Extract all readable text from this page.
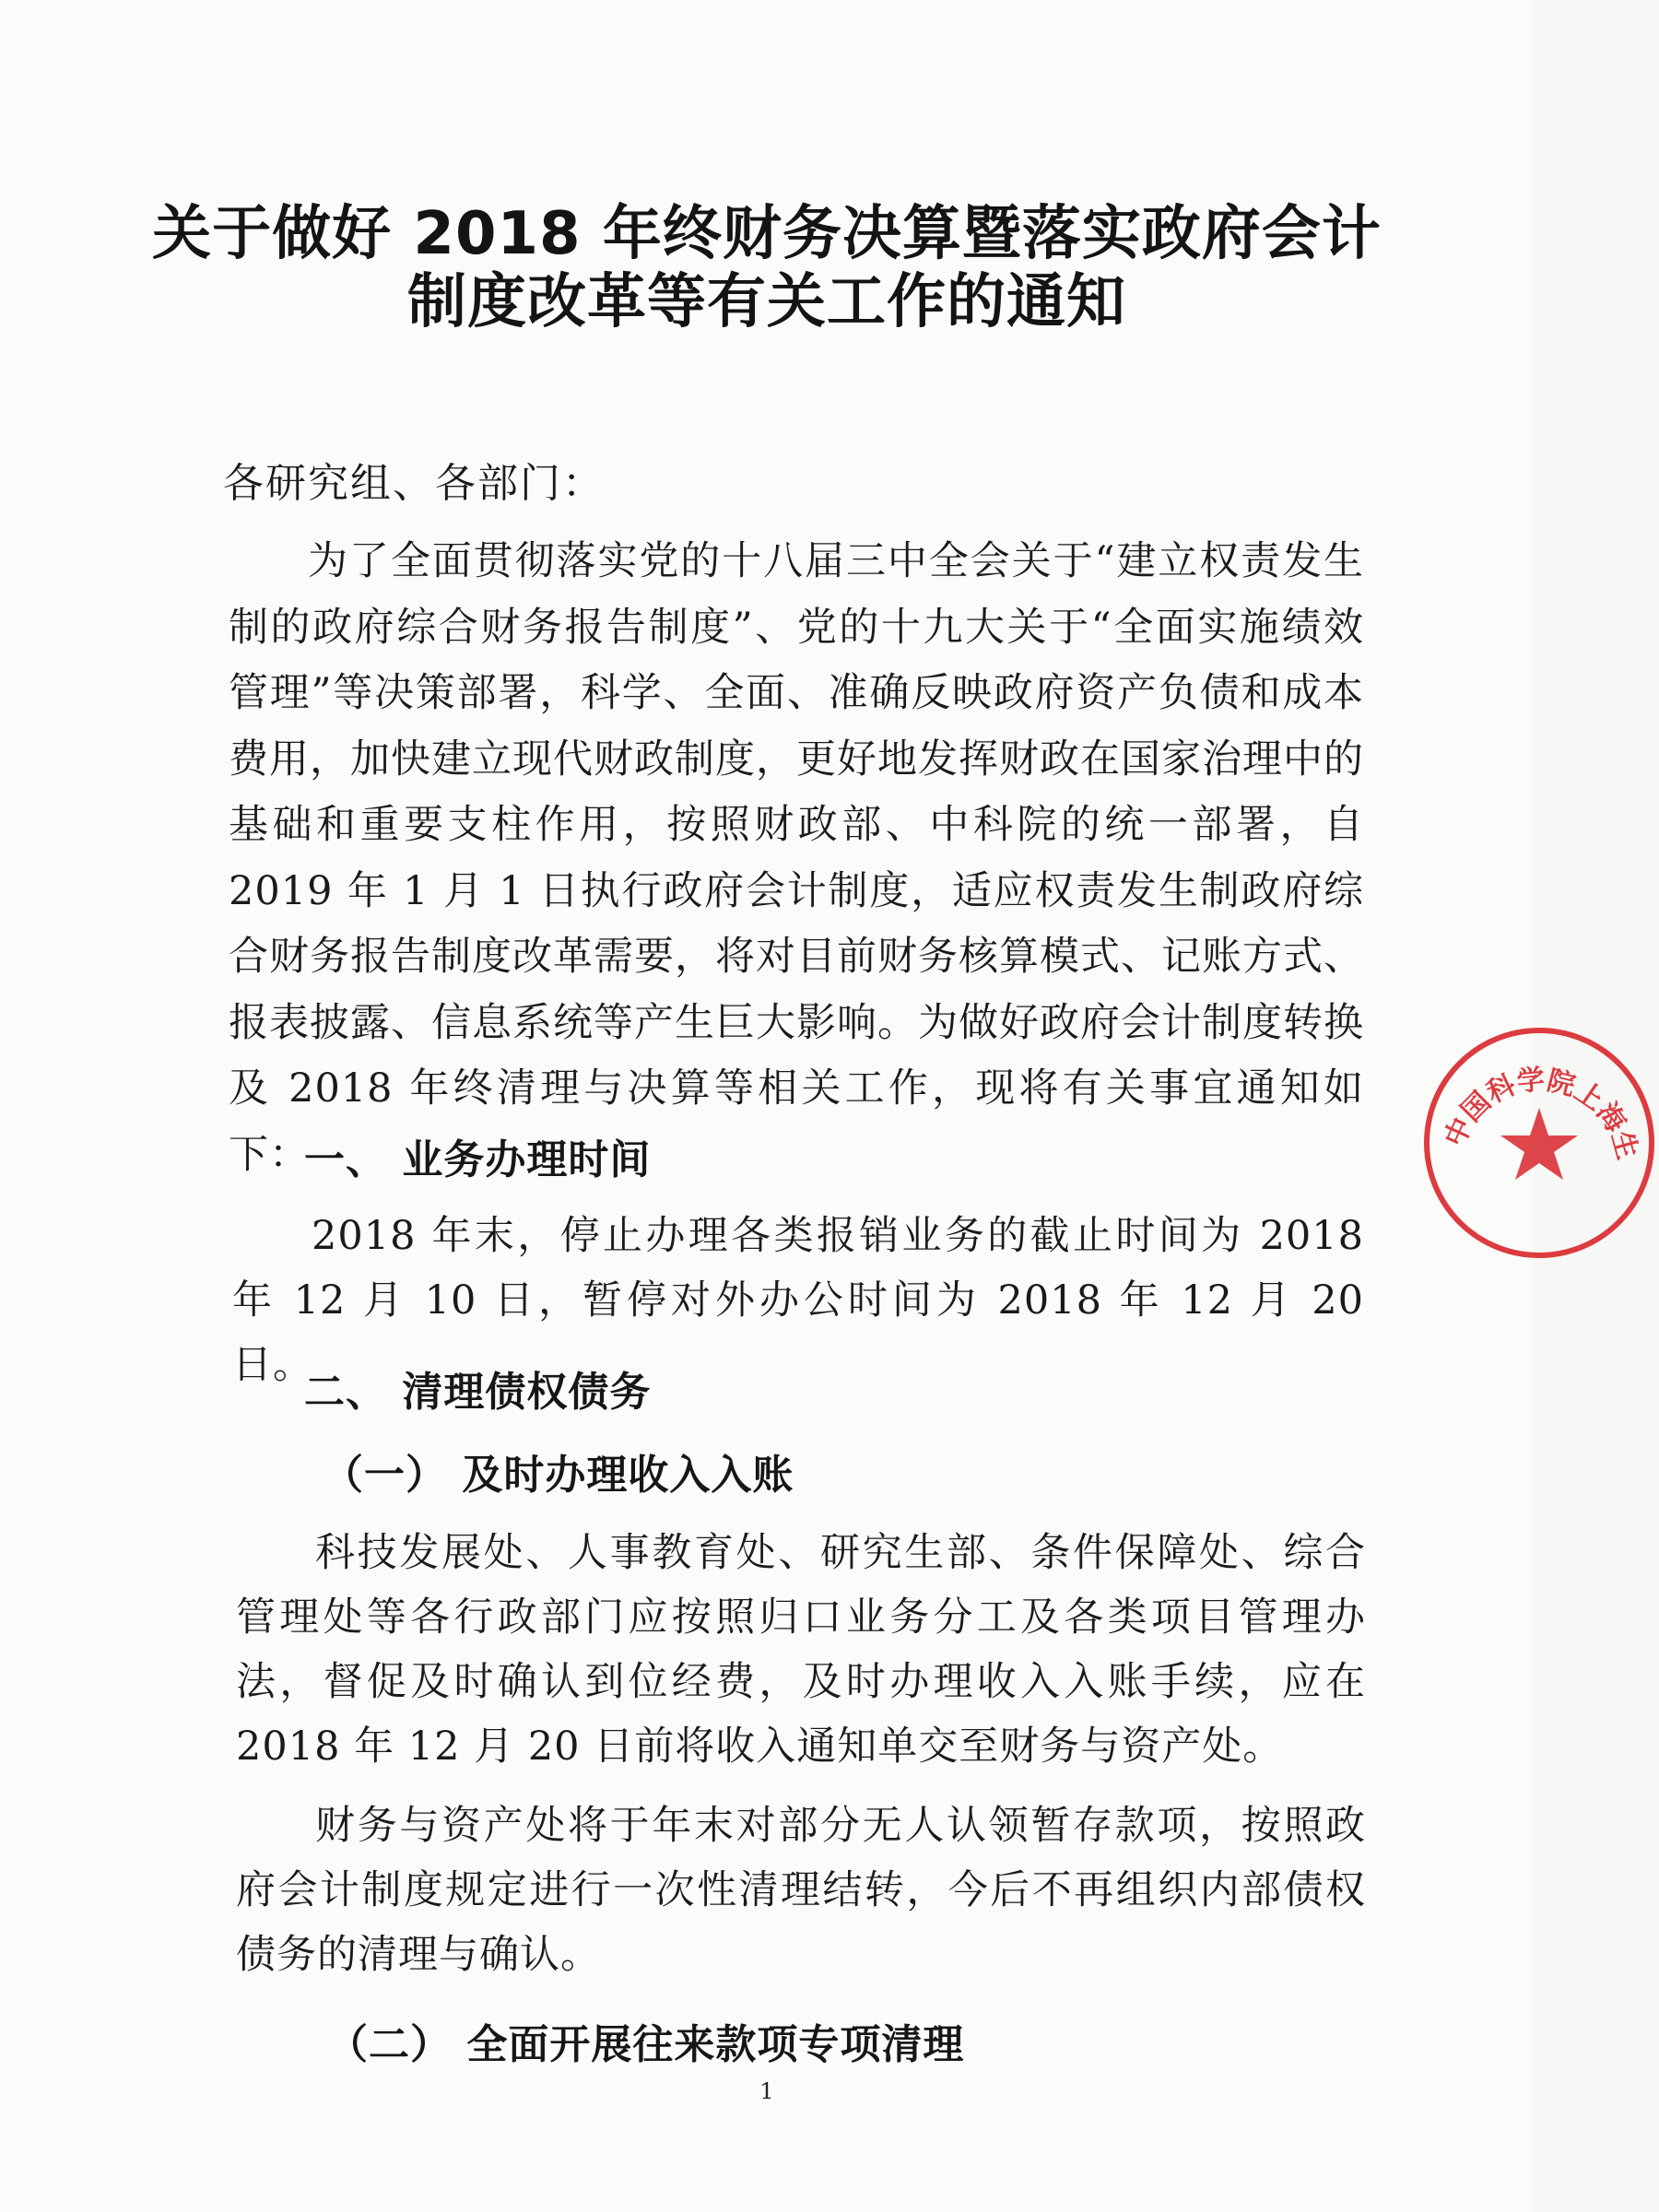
关于做好 2018 年终财务决算暨落实政府会计
制度改革等有关工作的通知

各研究组、各部门：

为了全面贯彻落实党的十八届三中全会关于“建立权责发生制的政府综合财务报告制度”、党的十九大关于“全面实施绩效管理”等决策部署，科学、全面、准确反映政府资产负债和成本费用，加快建立现代财政制度，更好地发挥财政在国家治理中的基础和重要支柱作用，按照财政部、中科院的统一部署，自 2019 年 1 月 1 日执行政府会计制度，适应权责发生制政府综合财务报告制度改革需要，将对目前财务核算模式、记账方式、报表披露、信息系统等产生巨大影响。为做好政府会计制度转换及 2018 年终清理与决算等相关工作，现将有关事宜通知如下：

一、 业务办理时间

2018 年末，停止办理各类报销业务的截止时间为 2018 年 12 月 10 日，暂停对外办公时间为 2018 年 12 月 20 日。

二、 清理债权债务
（一） 及时办理收入入账

科技发展处、人事教育处、研究生部、条件保障处、综合管理处等各行政部门应按照归口业务分工及各类项目管理办法，督促及时确认到位经费，及时办理收入入账手续，应在 2018 年 12 月 20 日前将收入通知单交至财务与资产处。

财务与资产处将于年末对部分无人认领暂存款项，按照政府会计制度规定进行一次性清理结转，今后不再组织内部债权债务的清理与确认。

（二） 全面开展往来款项专项清理

1

中国科学院上海生
